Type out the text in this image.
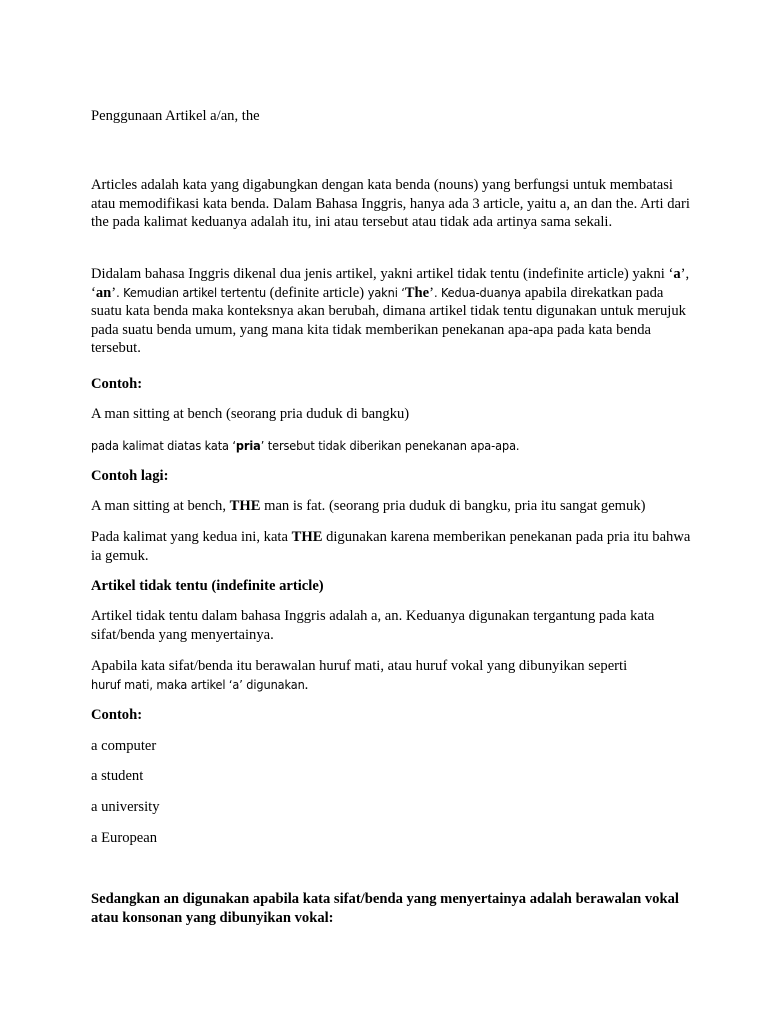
Penggunaan Artikel a/an, the

Articles adalah kata yang digabungkan dengan kata benda (nouns) yang berfungsi untuk membatasi atau memodifikasi kata benda. Dalam Bahasa Inggris, hanya ada 3 article, yaitu a, an dan the. Arti dari the pada kalimat keduanya adalah itu, ini atau tersebut atau tidak ada artinya sama sekali.

Didalam bahasa Inggris dikenal dua jenis artikel, yakni artikel tidak tentu (indefinite article) yakni ‘a’, ‘an’. Kemudian artikel tertentu (definite article) yakni ‘The’. Kedua-duanya apabila direkatkan pada suatu kata benda maka konteksnya akan berubah, dimana artikel tidak tentu digunakan untuk merujuk pada suatu benda umum, yang mana kita tidak memberikan penekanan apa-apa pada kata benda tersebut.

Contoh:

A man sitting at bench (seorang pria duduk di bangku)

pada kalimat diatas kata ‘pria’ tersebut tidak diberikan penekanan apa-apa.

Contoh lagi:

A man sitting at bench, THE man is fat. (seorang pria duduk di bangku, pria itu sangat gemuk)

Pada kalimat yang kedua ini, kata THE digunakan karena memberikan penekanan pada pria itu bahwa ia gemuk.

Artikel tidak tentu (indefinite article)

Artikel tidak tentu dalam bahasa Inggris adalah a, an. Keduanya digunakan tergantung pada kata sifat/benda yang menyertainya.

Apabila kata sifat/benda itu berawalan huruf mati, atau huruf vokal yang dibunyikan seperti
huruf mati, maka artikel ‘a’ digunakan.

Contoh:

a computer

a student

a university

a European

Sedangkan an digunakan apabila kata sifat/benda yang menyertainya adalah berawalan vokal atau konsonan yang dibunyikan vokal:
